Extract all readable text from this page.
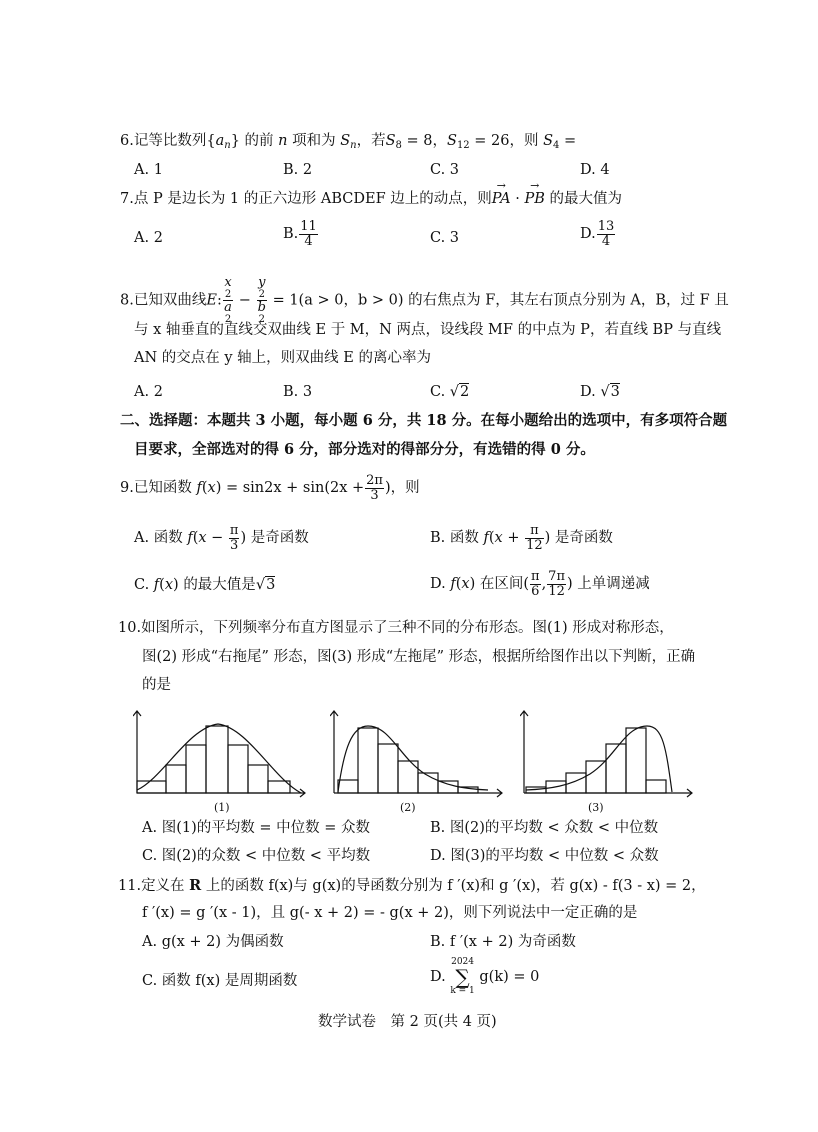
6.记等比数列$\{a_n\}$ 的前 n 项和为 $S_n$，若$S_8 = 8$，$S_{12} = 26$，则 $S_4$ =
A. 1	B. 2	C. 3	D. 4
7.点 P 是边长为 1 的正六边形 ABCDEF 边上的动点，则→ PA · → PB 的最大值为
A. 2	B. $\frac{11}{4}$	C. 3	D. $\frac{13}{4}$
8.已知双曲线E: x
2
a
2 − y
2
b
2 = 1(a > 0，b > 0) 的右焦点为 F，其左右顶点分别为 A，B，过 F 且
与 x 轴垂直的直线交双曲线 E 于 M，N 两点，设线段 MF 的中点为 P，若直线 BP 与直线
AN 的交点在 y 轴上，则双曲线 E 的离心率为
A. 2	B. 3	C. √2	D. √3
二、选择题：本题共 3 小题，每小题 6 分，共 18 分。在每小题给出的选项中，有多项符合题
目要求，全部选对的得 6 分，部分选对的得部分分，有选错的得 0 分。
9.已知函数 $f(x) = \sin 2x + \sin(2x + \frac{2\pi}{3}$ )，则
A. 函数 $f(x - \frac{\pi}{3}$ ) 是奇函数	B. 函数 $f(x + \frac{\pi}{12}$ ) 是奇函数
C. f(x) 的最大值是√3	D. f(x) 在区间( $\frac{\pi}{6}$ , $\frac{7\pi}{12}$ ) 上单调递减
10.如图所示，下列频率分布直方图显示了三种不同的分布形态。图(1) 形成对称形态，
图(2) 形成“右拖尾” 形态，图(3) 形成“左拖尾” 形态，根据所给图作出以下判断，正确
的是
(1)	(2)	(3)
A. 图(1)的平均数 = 中位数 = 众数	B. 图(2)的平均数 < 众数 < 中位数
C. 图(2)的众数 < 中位数 < 平均数	D. 图(3)的平均数 < 中位数 < 众数
11.定义在 R 上的函数 f(x)与 g(x)的导函数分别为 f ′(x)和 g ′(x)，若 g(x) - f(3 - x) = 2，
f ′(x) = g ′(x - 1)，且 g(- x + 2) = - g(x + 2)，则下列说法中一定正确的是
A. g(x + 2) 为偶函数	B. f ′(x + 2) 为奇函数
C. 函数 f(x) 是周期函数	D.
2024
∑
k = 1
g(k) = 0
数学试卷　第 2 页(共 4 页)
